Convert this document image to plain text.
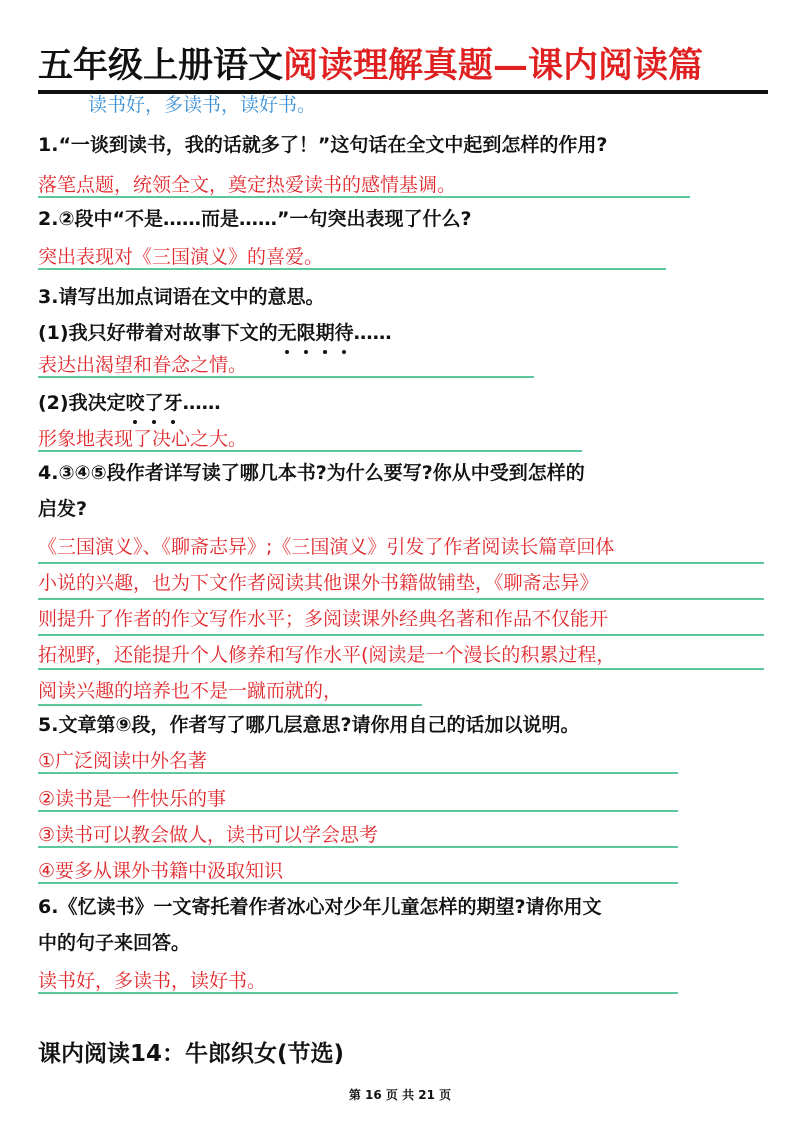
五年级上册语文阅读理解真题—课内阅读篇
读书好，多读书，读好书。
1.“一谈到读书，我的话就多了！”这句话在全文中起到怎样的作用?
落笔点题，统领全文，奠定热爱读书的感情基调。
2.②段中“不是……而是……”一句突出表现了什么?
突出表现对《三国演义》的喜爱。
3.请写出加点词语在文中的意思。
(1)我只好带着对故事下文的无限期待……
表达出渴望和眷念之情。
(2)我决定咬了牙……
形象地表现了决心之大。
4.③④⑤段作者详写读了哪几本书?为什么要写?你从中受到怎样的
启发?
《三国演义》、《聊斋志异》;《三国演义》引发了作者阅读长篇章回体
小说的兴趣，也为下文作者阅读其他课外书籍做铺垫，《聊斋志异》
则提升了作者的作文写作水平；多阅读课外经典名著和作品不仅能开
拓视野，还能提升个人修养和写作水平(阅读是一个漫长的积累过程，
阅读兴趣的培养也不是一蹴而就的，
5.文章第⑨段，作者写了哪几层意思?请你用自己的话加以说明。
①广泛阅读中外名著
②读书是一件快乐的事
③读书可以教会做人，读书可以学会思考
④要多从课外书籍中汲取知识
6.《忆读书》一文寄托着作者冰心对少年儿童怎样的期望?请你用文
中的句子来回答。
读书好，多读书，读好书。
课内阅读14：牛郎织女(节选)
第 16 页 共 21 页
